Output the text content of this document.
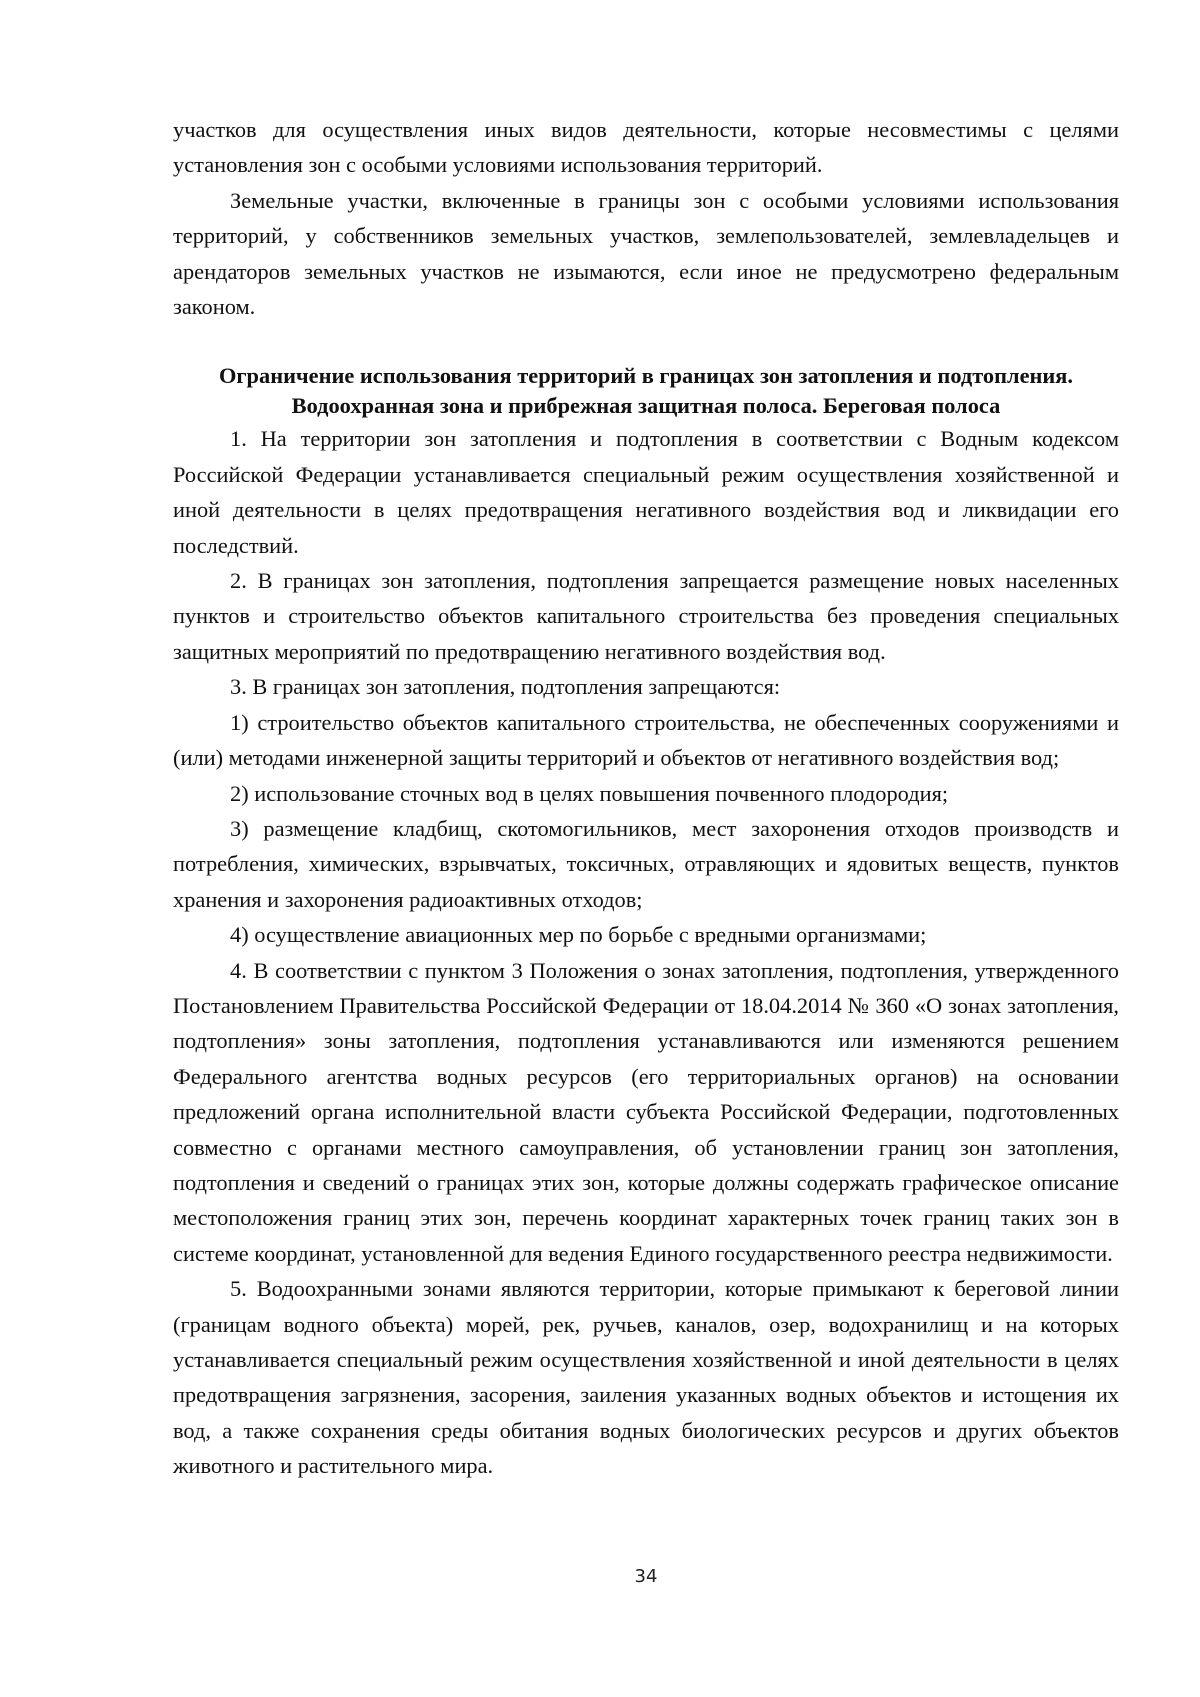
участков для осуществления иных видов деятельности, которые несовместимы с целями установления зон с особыми условиями использования территорий.

Земельные участки, включенные в границы зон с особыми условиями использования территорий, у собственников земельных участков, землепользователей, землевладельцев и арендаторов земельных участков не изымаются, если иное не предусмотрено федеральным законом.

Ограничение использования территорий в границах зон затопления и подтопления.

Водоохранная зона и прибрежная защитная полоса. Береговая полоса

1. На территории зон затопления и подтопления в соответствии с Водным кодексом Российской Федерации устанавливается специальный режим осуществления хозяйственной и иной деятельности в целях предотвращения негативного воздействия вод и ликвидации его последствий.

2. В границах зон затопления, подтопления запрещается размещение новых населенных пунктов и строительство объектов капитального строительства без проведения специальных защитных мероприятий по предотвращению негативного воздействия вод.

3. В границах зон затопления, подтопления запрещаются:

1) строительство объектов капитального строительства, не обеспеченных сооружениями и (или) методами инженерной защиты территорий и объектов от негативного воздействия вод;

2) использование сточных вод в целях повышения почвенного плодородия;

3) размещение кладбищ, скотомогильников, мест захоронения отходов производств и потребления, химических, взрывчатых, токсичных, отравляющих и ядовитых веществ, пунктов хранения и захоронения радиоактивных отходов;

4) осуществление авиационных мер по борьбе с вредными организмами;

4. В соответствии с пунктом 3 Положения о зонах затопления, подтопления, утвержденного Постановлением Правительства Российской Федерации от 18.04.2014 № 360 «О зонах затопления, подтопления» зоны затопления, подтопления устанавливаются или изменяются решением Федерального агентства водных ресурсов (его территориальных органов) на основании предложений органа исполнительной власти субъекта Российской Федерации, подготовленных совместно с органами местного самоуправления, об установлении границ зон затопления, подтопления и сведений о границах этих зон, которые должны содержать графическое описание местоположения границ этих зон, перечень координат характерных точек границ таких зон в системе координат, установленной для ведения Единого государственного реестра недвижимости.

5. Водоохранными зонами являются территории, которые примыкают к береговой линии (границам водного объекта) морей, рек, ручьев, каналов, озер, водохранилищ и на которых устанавливается специальный режим осуществления хозяйственной и иной деятельности в целях предотвращения загрязнения, засорения, заиления указанных водных объектов и истощения их вод, а также сохранения среды обитания водных биологических ресурсов и других объектов животного и растительного мира.

34
